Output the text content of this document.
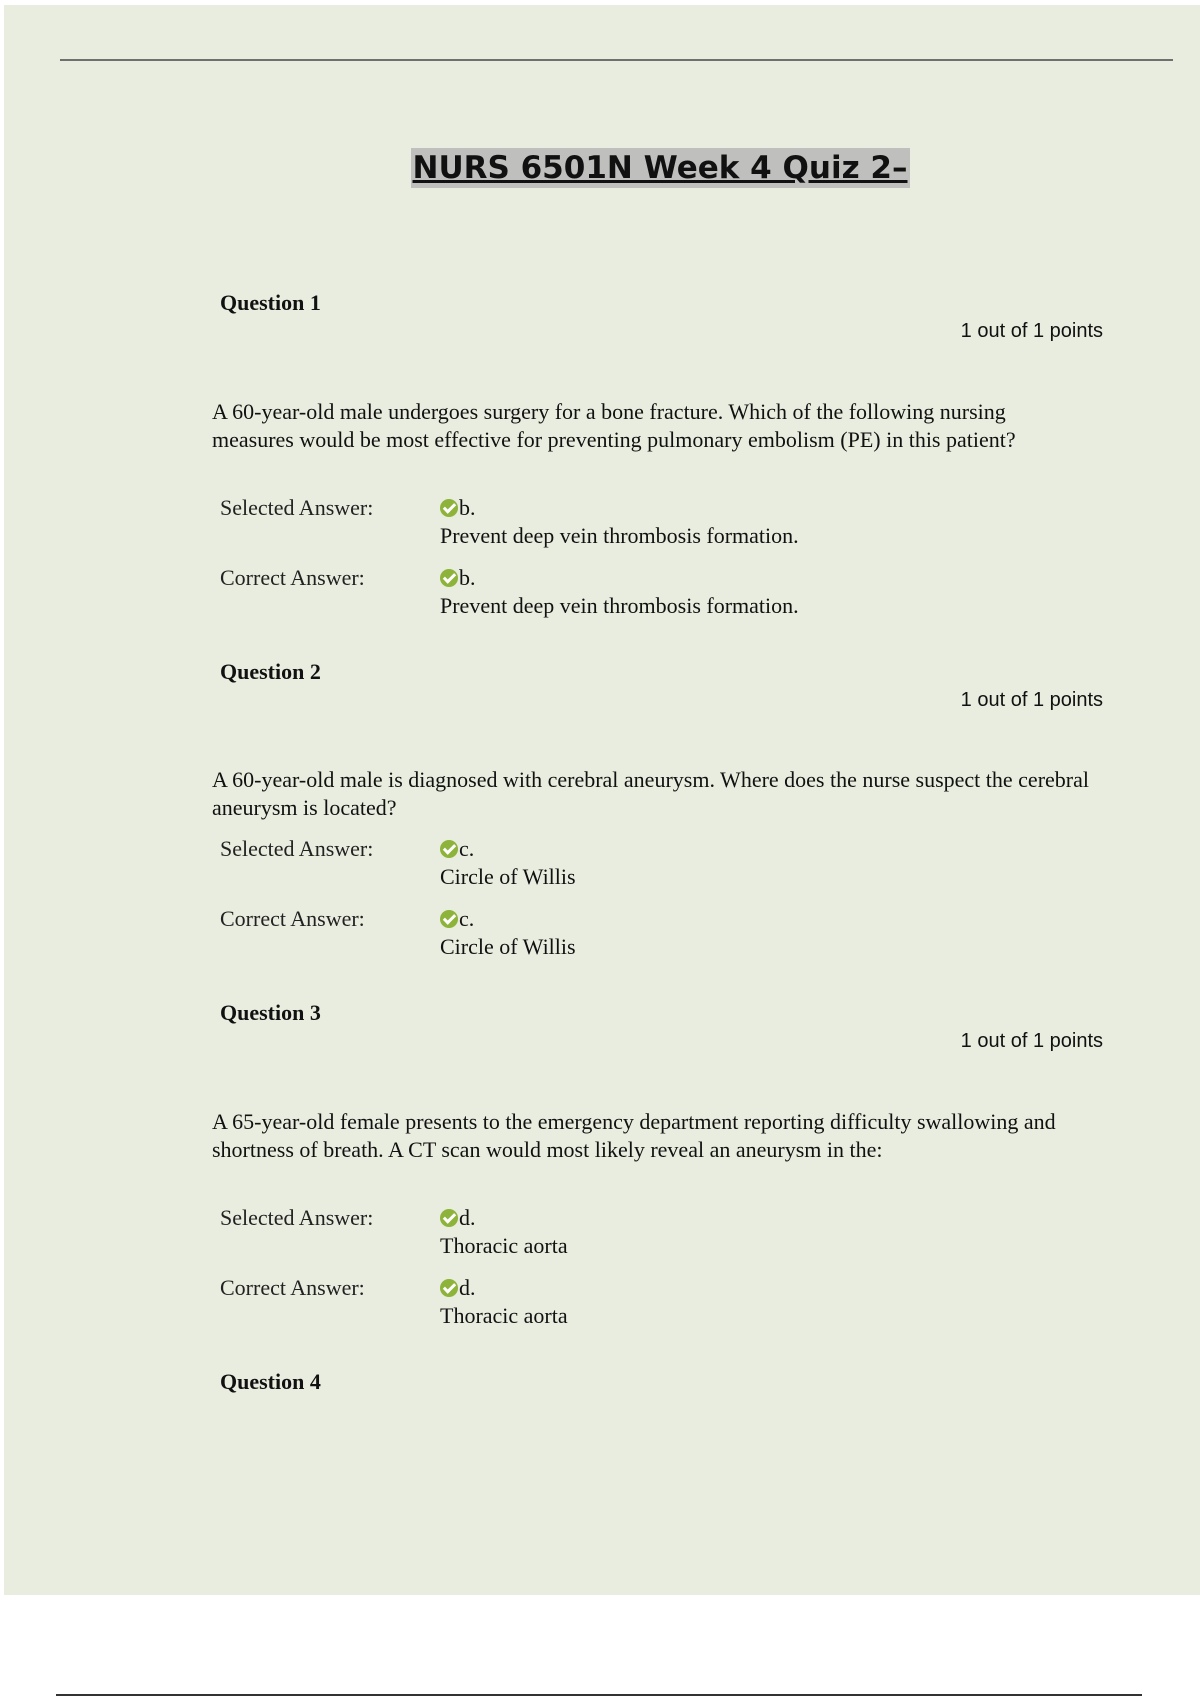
NURS 6501N Week 4 Quiz 2–
Question 1
1 out of 1 points
A 60-year-old male undergoes surgery for a bone fracture. Which of the following nursing measures would be most effective for preventing pulmonary embolism (PE) in this patient?
Selected Answer:	b.
Prevent deep vein thrombosis formation.
Correct Answer:	b.
Prevent deep vein thrombosis formation.
Question 2
1 out of 1 points
A 60-year-old male is diagnosed with cerebral aneurysm. Where does the nurse suspect the cerebral aneurysm is located?
Selected Answer:	c.
Circle of Willis
Correct Answer:	c.
Circle of Willis
Question 3
1 out of 1 points
A 65-year-old female presents to the emergency department reporting difficulty swallowing and shortness of breath. A CT scan would most likely reveal an aneurysm in the:
Selected Answer:	d.
Thoracic aorta
Correct Answer:	d.
Thoracic aorta
Question 4
